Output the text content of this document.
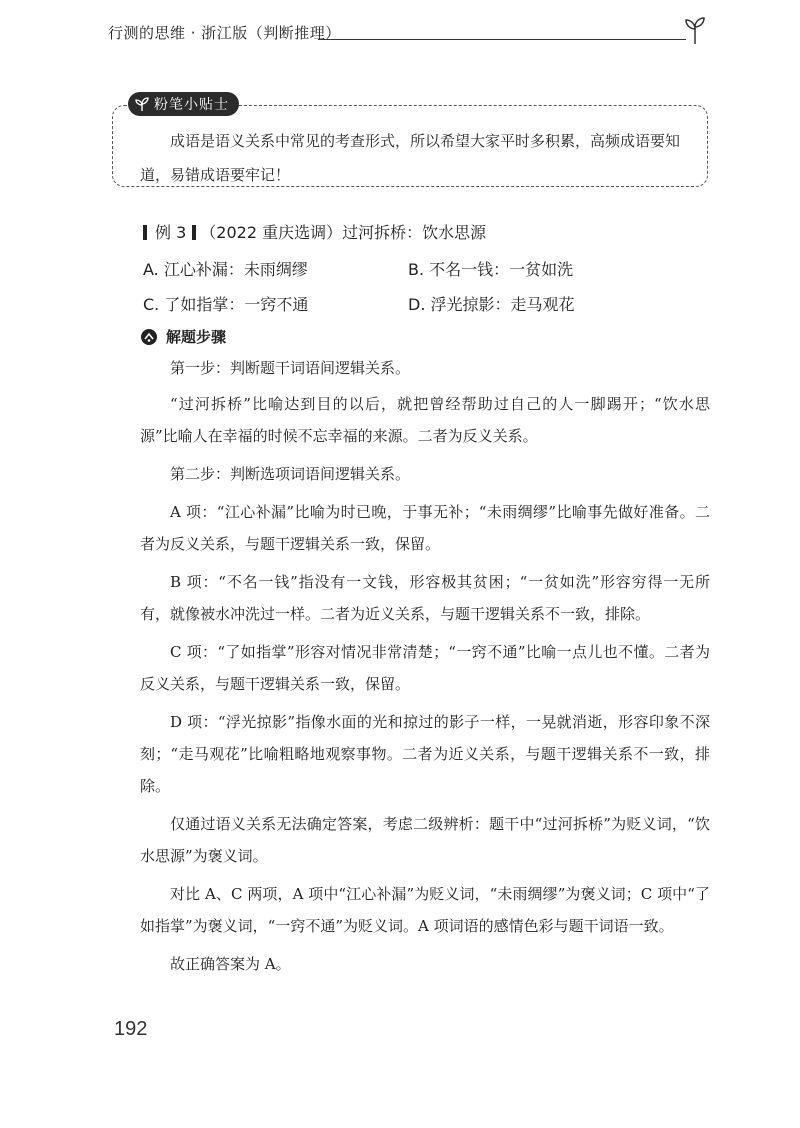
行测的思维 · 浙江版（判断推理）
粉笔小贴士
成语是语义关系中常见的考查形式，所以希望大家平时多积累，高频成语要知道，易错成语要牢记！
例 3 （2022 重庆选调）过河拆桥：饮水思源
A. 江心补漏：未雨绸缪	B. 不名一钱：一贫如洗
C. 了如指掌：一窍不通	D. 浮光掠影：走马观花
解题步骤

第一步：判断题干词语间逻辑关系。

“过河拆桥”比喻达到目的以后，就把曾经帮助过自己的人一脚踢开；“饮水思源”比喻人在幸福的时候不忘幸福的来源。二者为反义关系。

第二步：判断选项词语间逻辑关系。

A 项：“江心补漏”比喻为时已晚，于事无补；“未雨绸缪”比喻事先做好准备。二者为反义关系，与题干逻辑关系一致，保留。

B 项：“不名一钱”指没有一文钱，形容极其贫困；“一贫如洗”形容穷得一无所有，就像被水冲洗过一样。二者为近义关系，与题干逻辑关系不一致，排除。

C 项：“了如指掌”形容对情况非常清楚；“一窍不通”比喻一点儿也不懂。二者为反义关系，与题干逻辑关系一致，保留。

D 项：“浮光掠影”指像水面的光和掠过的影子一样，一晃就消逝，形容印象不深刻；“走马观花”比喻粗略地观察事物。二者为近义关系，与题干逻辑关系不一致，排除。

仅通过语义关系无法确定答案，考虑二级辨析：题干中“过河拆桥”为贬义词，“饮水思源”为褒义词。

对比 A、C 两项，A 项中“江心补漏”为贬义词，“未雨绸缪”为褒义词；C 项中“了如指掌”为褒义词，“一窍不通”为贬义词。A 项词语的感情色彩与题干词语一致。

故正确答案为 A。

192
